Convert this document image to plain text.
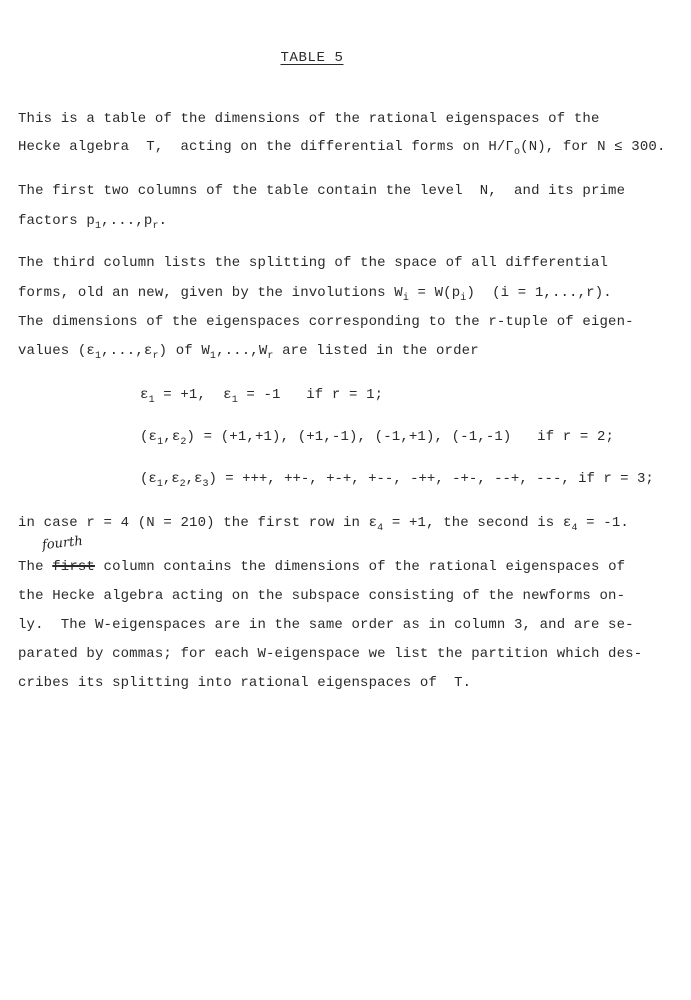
TABLE 5
This is a table of the dimensions of the rational eigenspaces of the
Hecke algebra  T,  acting on the differential forms on $H/\Gamma_o(N)$, for N ≤ 300.
The first two columns of the table contain the level  N,  and its prime
factors $p_1,...,p_r$.
The third column lists the splitting of the space of all differential
forms, old an new, given by the involutions $W_i = W(p_i) (i = 1,...,r)$.
The dimensions of the eigenspaces corresponding to the r-tuple of eigen-
values $(\varepsilon_1,...,\varepsilon_r)$ of $W_1,...,W_r$ are listed in the order
$\varepsilon_1 = +1$,  $\varepsilon_1 = -1$   if r = 1;
$(\varepsilon_1,\varepsilon_2) = (+1,+1)$, (+1,-1), (-1,+1), (-1,-1)   if r = 2;
$(\varepsilon_1,\varepsilon_2,\varepsilon_3)$ = +++, ++-, +-+, +--, -++, -+-, --+, ---, if r = 3;
in case r = 4 (N = 210) the first row in $\varepsilon_4 = +1$, the second is $\varepsilon_4 = -1$.
fourth
The first column contains the dimensions of the rational eigenspaces of
the Hecke algebra acting on the subspace consisting of the newforms on-
ly.  The W-eigenspaces are in the same order as in column 3, and are se-
parated by commas; for each W-eigenspace we list the partition which des-
cribes its splitting into rational eigenspaces of  T.
